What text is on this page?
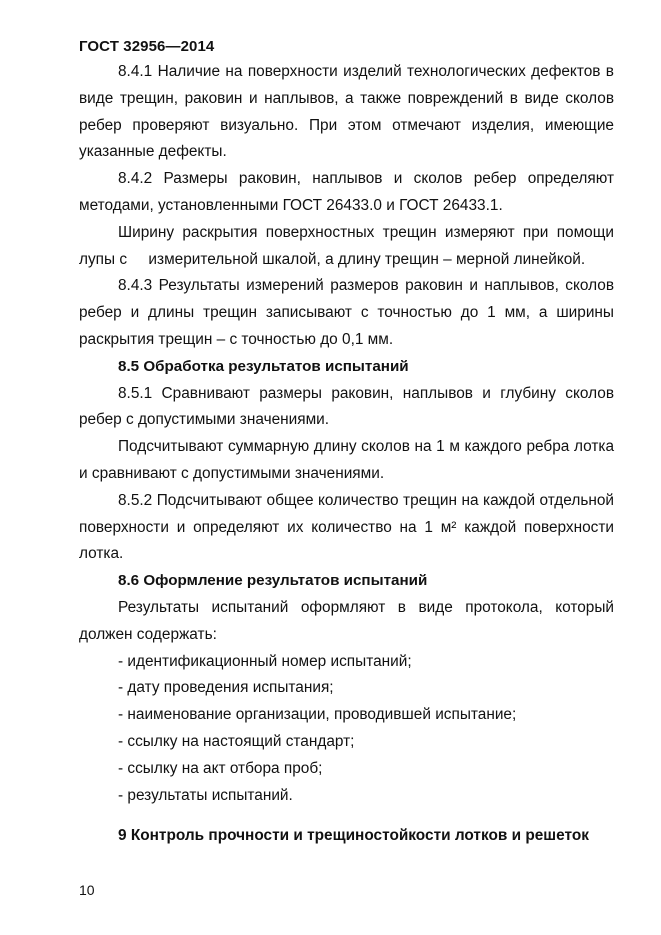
ГОСТ 32956—2014

8.4.1 Наличие на поверхности изделий технологических дефектов в виде трещин, раковин и наплывов, а также повреждений в виде сколов ребер проверяют визуально. При этом отмечают изделия, имеющие указанные дефекты.

8.4.2 Размеры раковин, наплывов и сколов ребер определяют методами, установленными ГОСТ 26433.0 и ГОСТ 26433.1.

Ширину раскрытия поверхностных трещин измеряют при помощи лупы с     измерительной шкалой, а длину трещин – мерной линейкой.

8.4.3 Результаты измерений размеров раковин и наплывов, сколов ребер и длины трещин записывают с точностью до 1 мм, а ширины раскрытия трещин – с точностью до 0,1 мм.

8.5 Обработка результатов испытаний

8.5.1 Сравнивают размеры раковин, наплывов и глубину сколов ребер с допустимыми значениями.

Подсчитывают суммарную длину сколов на 1 м каждого ребра лотка и сравнивают с допустимыми значениями.

8.5.2 Подсчитывают общее количество трещин на каждой отдельной поверхности и определяют их количество на 1 м² каждой поверхности лотка.

8.6 Оформление результатов испытаний

Результаты испытаний оформляют в виде протокола, который должен содержать:

- идентификационный номер испытаний;
- дату проведения испытания;
- наименование организации, проводившей испытание;
- ссылку на настоящий стандарт;
- ссылку на акт отбора проб;
- результаты испытаний.
9 Контроль прочности и трещиностойкости лотков и решеток
10
